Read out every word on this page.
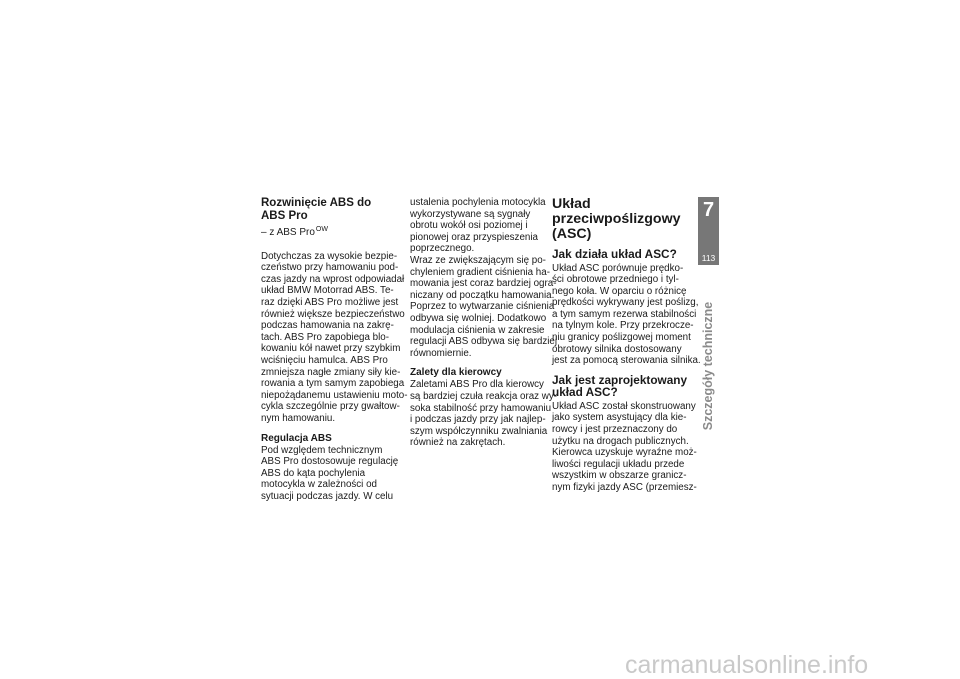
Rozwinięcie ABS do
ABS Pro
– z ABS Pro$^{OW}$

Dotychczas za wysokie bezpie-
czeństwo przy hamowaniu pod-
czas jazdy na wprost odpowiadał
układ BMW Motorrad ABS. Te-
raz dzięki ABS Pro możliwe jest
również większe bezpieczeństwo
podczas hamowania na zakrę-
tach. ABS Pro zapobiega blo-
kowaniu kół nawet przy szybkim
wciśnięciu hamulca. ABS Pro
zmniejsza nagłe zmiany siły kie-
rowania a tym samym zapobiega
niepożądanemu ustawieniu moto-
cykla szczególnie przy gwałtow-
nym hamowaniu.

Regulacja ABS

Pod względem technicznym
ABS Pro dostosowuje regulację
ABS do kąta pochylenia
motocykla w zależności od
sytuacji podczas jazdy. W celu

ustalenia pochylenia motocykla
wykorzystywane są sygnały
obrotu wokół osi poziomej i
pionowej oraz przyspieszenia
poprzecznego.
Wraz ze zwiększającym się po-
chyleniem gradient ciśnienia ha-
mowania jest coraz bardziej ogra-
niczany od początku hamowania.
Poprzez to wytwarzanie ciśnienia
odbywa się wolniej. Dodatkowo
modulacja ciśnienia w zakresie
regulacji ABS odbywa się bardziej
równomiernie.

Zalety dla kierowcy

Zaletami ABS Pro dla kierowcy
są bardziej czuła reakcja oraz wy-
soka stabilność przy hamowaniu
i podczas jazdy przy jak najlep-
szym współczynniku zwalniania
również na zakrętach.

Układ
przeciwpoślizgowy
(ASC)
Jak działa układ ASC?

Układ ASC porównuje prędko-
ści obrotowe przedniego i tyl-
nego koła. W oparciu o różnicę
prędkości wykrywany jest poślizg,
a tym samym rezerwa stabilności
na tylnym kole. Przy przekrocze-
niu granicy poślizgowej moment
obrotowy silnika dostosowany
jest za pomocą sterowania silnika.

Jak jest zaprojektowany
układ ASC?

Układ ASC został skonstruowany
jako system asystujący dla kie-
rowcy i jest przeznaczony do
użytku na drogach publicznych.
Kierowca uzyskuje wyraźne moż-
liwości regulacji układu przede
wszystkim w obszarze granicz-
nym fizyki jazdy ASC (przemiesz-

7
113
Szczegóły techniczne
carmanualsonline.info
